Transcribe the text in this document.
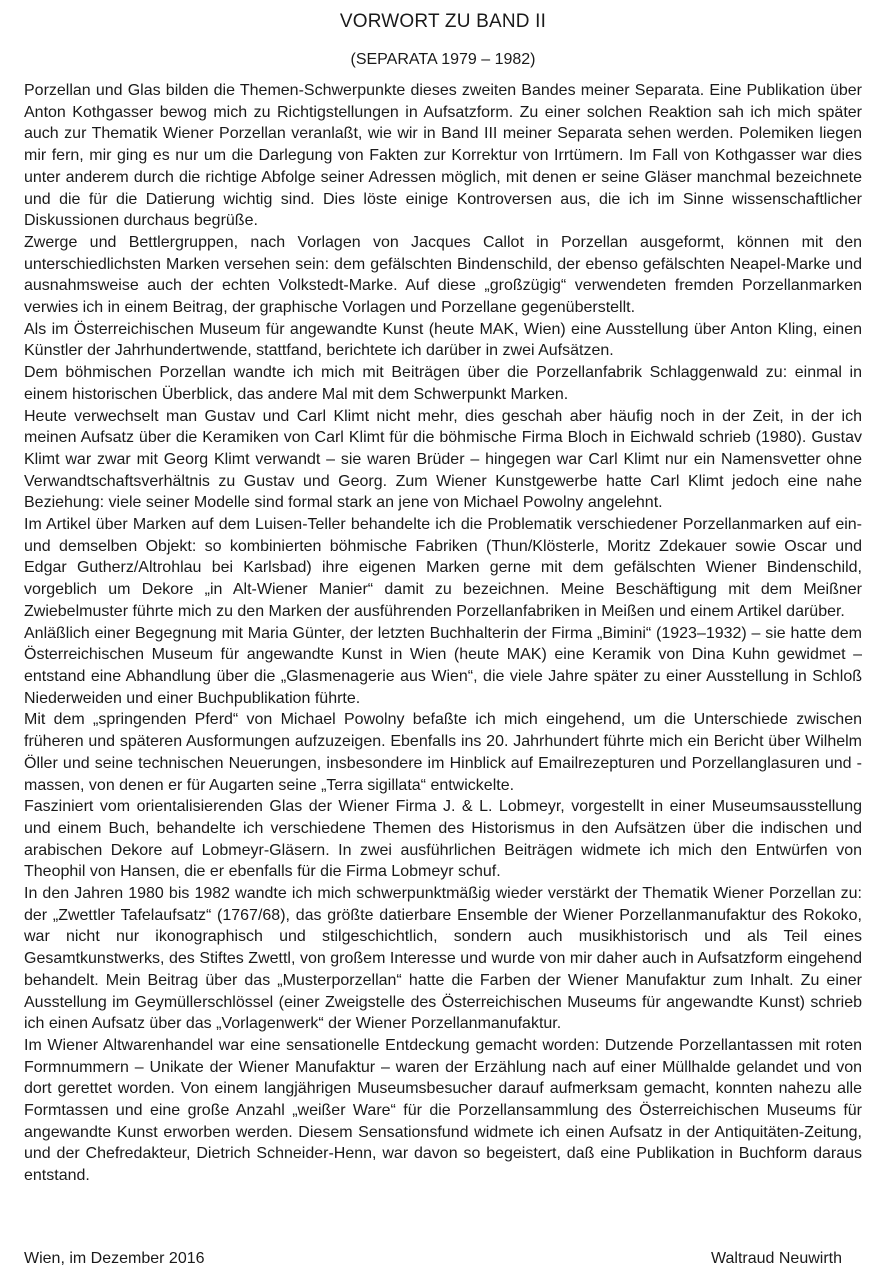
VORWORT ZU BAND II
(SEPARATA 1979 – 1982)

Porzellan und Glas bilden die Themen-Schwerpunkte dieses zweiten Bandes meiner Separata. Eine Publikation über Anton Kothgasser bewog mich zu Richtigstellungen in Aufsatzform. Zu einer solchen Reaktion sah ich mich später auch zur Thematik Wiener Porzellan veranlaßt, wie wir in Band III meiner Separata sehen werden. Polemiken liegen mir fern, mir ging es nur um die Darlegung von Fakten zur Korrektur von Irrtümern. Im Fall von Kothgasser war dies unter anderem durch die richtige Abfolge seiner Adressen möglich, mit denen er seine Gläser manchmal bezeichnete und die für die Datierung wichtig sind. Dies löste einige Kontroversen aus, die ich im Sinne wissenschaftlicher Diskussionen durchaus begrüße.

Zwerge und Bettlergruppen, nach Vorlagen von Jacques Callot in Porzellan ausgeformt, können mit den unterschiedlichsten Marken versehen sein: dem gefälschten Bindenschild, der ebenso gefälschten Neapel-Marke und ausnahmsweise auch der echten Volkstedt-Marke. Auf diese „großzügig“ verwendeten fremden Porzellanmarken verwies ich in einem Beitrag, der graphische Vorlagen und Porzellane gegenüberstellt.

Als im Österreichischen Museum für angewandte Kunst (heute MAK, Wien) eine Ausstellung über Anton Kling, einen Künstler der Jahrhundertwende, stattfand, berichtete ich darüber in zwei Aufsätzen.

Dem böhmischen Porzellan wandte ich mich mit Beiträgen über die Porzellanfabrik Schlaggenwald zu: einmal in einem historischen Überblick, das andere Mal mit dem Schwerpunkt Marken.

Heute verwechselt man Gustav und Carl Klimt nicht mehr, dies geschah aber häufig noch in der Zeit, in der ich meinen Aufsatz über die Keramiken von Carl Klimt für die böhmische Firma Bloch in Eichwald schrieb (1980). Gustav Klimt war zwar mit Georg Klimt verwandt – sie waren Brüder – hingegen war Carl Klimt nur ein Namensvetter ohne Verwandtschaftsverhältnis zu Gustav und Georg. Zum Wiener Kunstgewerbe hatte Carl Klimt jedoch eine nahe Beziehung: viele seiner Modelle sind formal stark an jene von Michael Powolny angelehnt.

Im Artikel über Marken auf dem Luisen-Teller behandelte ich die Problematik verschiedener Porzellanmarken auf ein- und demselben Objekt: so kombinierten böhmische Fabriken (Thun/Klösterle, Moritz Zdekauer sowie Oscar und Edgar Gutherz/Altrohlau bei Karlsbad) ihre eigenen Marken gerne mit dem gefälschten Wiener Bindenschild, vorgeblich um Dekore „in Alt-Wiener Manier“ damit zu bezeichnen. Meine Beschäftigung mit dem Meißner Zwiebelmuster führte mich zu den Marken der ausführenden Porzellanfabriken in Meißen und einem Artikel darüber.

Anläßlich einer Begegnung mit Maria Günter, der letzten Buchhalterin der Firma „Bimini“ (1923–1932) – sie hatte dem Österreichischen Museum für angewandte Kunst in Wien (heute MAK) eine Keramik von Dina Kuhn gewidmet – entstand eine Abhandlung über die „Glasmenagerie aus Wien“, die viele Jahre später zu einer Ausstellung in Schloß Niederweiden und einer Buchpublikation führte.

Mit dem „springenden Pferd“ von Michael Powolny befaßte ich mich eingehend, um die Unterschiede zwischen früheren und späteren Ausformungen aufzuzeigen. Ebenfalls ins 20. Jahrhundert führte mich ein Bericht über Wilhelm Öller und seine technischen Neuerungen, insbesondere im Hinblick auf Emailrezepturen und Porzellanglasuren und -massen, von denen er für Augarten seine „Terra sigillata“ entwickelte.

Fasziniert vom orientalisierenden Glas der Wiener Firma J. & L. Lobmeyr, vorgestellt in einer Museumsausstellung und einem Buch, behandelte ich verschiedene Themen des Historismus in den Aufsätzen über die indischen und arabischen Dekore auf Lobmeyr-Gläsern. In zwei ausführlichen Beiträgen widmete ich mich den Entwürfen von Theophil von Hansen, die er ebenfalls für die Firma Lobmeyr schuf.

In den Jahren 1980 bis 1982 wandte ich mich schwerpunktmäßig wieder verstärkt der Thematik Wiener Porzellan zu: der „Zwettler Tafelaufsatz“ (1767/68), das größte datierbare Ensemble der Wiener Porzellanmanufaktur des Rokoko, war nicht nur ikonographisch und stilgeschichtlich, sondern auch musikhistorisch und als Teil eines Gesamtkunstwerks, des Stiftes Zwettl, von großem Interesse und wurde von mir daher auch in Aufsatzform eingehend behandelt. Mein Beitrag über das „Musterporzellan“ hatte die Farben der Wiener Manufaktur zum Inhalt. Zu einer Ausstellung im Geymüllerschlössel (einer Zweigstelle des Österreichischen Museums für angewandte Kunst) schrieb ich einen Aufsatz über das „Vorlagenwerk“ der Wiener Porzellanmanufaktur.

Im Wiener Altwarenhandel war eine sensationelle Entdeckung gemacht worden: Dutzende Porzellantassen mit roten Formnummern – Unikate der Wiener Manufaktur – waren der Erzählung nach auf einer Müllhalde gelandet und von dort gerettet worden. Von einem langjährigen Museumsbesucher darauf aufmerksam gemacht, konnten nahezu alle Formtassen und eine große Anzahl „weißer Ware“ für die Porzellansammlung des Österreichischen Museums für angewandte Kunst erworben werden. Diesem Sensationsfund widmete ich einen Aufsatz in der Antiquitäten-Zeitung, und der Chefredakteur, Dietrich Schneider-Henn, war davon so begeistert, daß eine Publikation in Buchform daraus entstand.

Wien, im Dezember 2016	Waltraud Neuwirth
